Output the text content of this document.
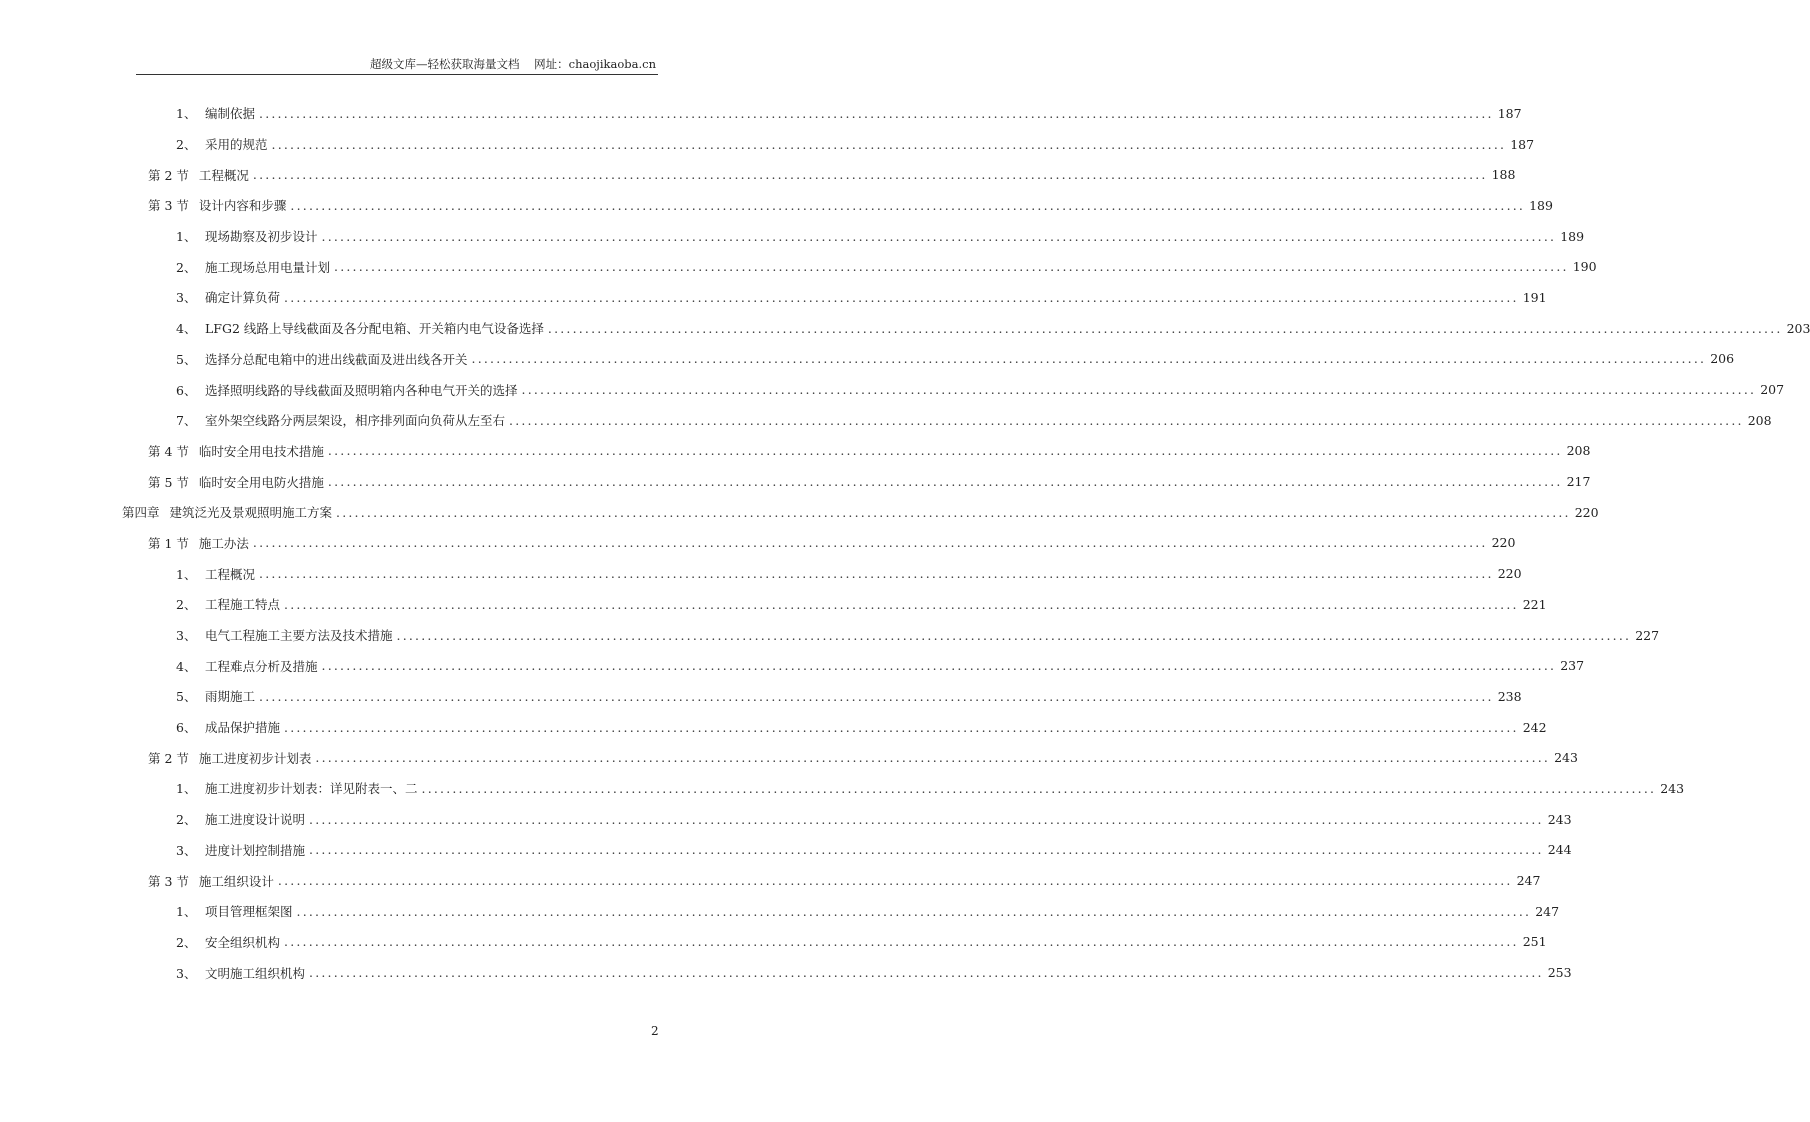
超级文库—轻松获取海量文档    网址：chaojikaoba.cn
1、 编制依据 ........................................................................................................................................................................................................ 187
2、 采用的规范 ........................................................................................................................................................................................................ 187
第 2 节 工程概况 ........................................................................................................................................................................................................ 188
第 3 节 设计内容和步骤 ........................................................................................................................................................................................................ 189
1、 现场勘察及初步设计 ........................................................................................................................................................................................................ 189
2、 施工现场总用电量计划 ........................................................................................................................................................................................................ 190
3、 确定计算负荷 ........................................................................................................................................................................................................ 191
4、 LFG2 线路上导线截面及各分配电箱、开关箱内电气设备选择 ........................................................................................................................................................................................................ 203
5、 选择分总配电箱中的进出线截面及进出线各开关 ........................................................................................................................................................................................................ 206
6、 选择照明线路的导线截面及照明箱内各种电气开关的选择 ........................................................................................................................................................................................................ 207
7、 室外架空线路分两层架设，相序排列面向负荷从左至右 ........................................................................................................................................................................................................ 208
第 4 节 临时安全用电技术措施 ........................................................................................................................................................................................................ 208
第 5 节 临时安全用电防火措施 ........................................................................................................................................................................................................ 217
第四章 建筑泛光及景观照明施工方案 ........................................................................................................................................................................................................ 220
第 1 节 施工办法 ........................................................................................................................................................................................................ 220
1、 工程概况 ........................................................................................................................................................................................................ 220
2、 工程施工特点 ........................................................................................................................................................................................................ 221
3、 电气工程施工主要方法及技术措施 ........................................................................................................................................................................................................ 227
4、 工程难点分析及措施 ........................................................................................................................................................................................................ 237
5、 雨期施工 ........................................................................................................................................................................................................ 238
6、 成品保护措施 ........................................................................................................................................................................................................ 242
第 2 节 施工进度初步计划表 ........................................................................................................................................................................................................ 243
1、 施工进度初步计划表：详见附表一、二 ........................................................................................................................................................................................................ 243
2、 施工进度设计说明 ........................................................................................................................................................................................................ 243
3、 进度计划控制措施 ........................................................................................................................................................................................................ 244
第 3 节 施工组织设计 ........................................................................................................................................................................................................ 247
1、 项目管理框架图 ........................................................................................................................................................................................................ 247
2、 安全组织机构 ........................................................................................................................................................................................................ 251
3、 文明施工组织机构 ........................................................................................................................................................................................................ 253
2
